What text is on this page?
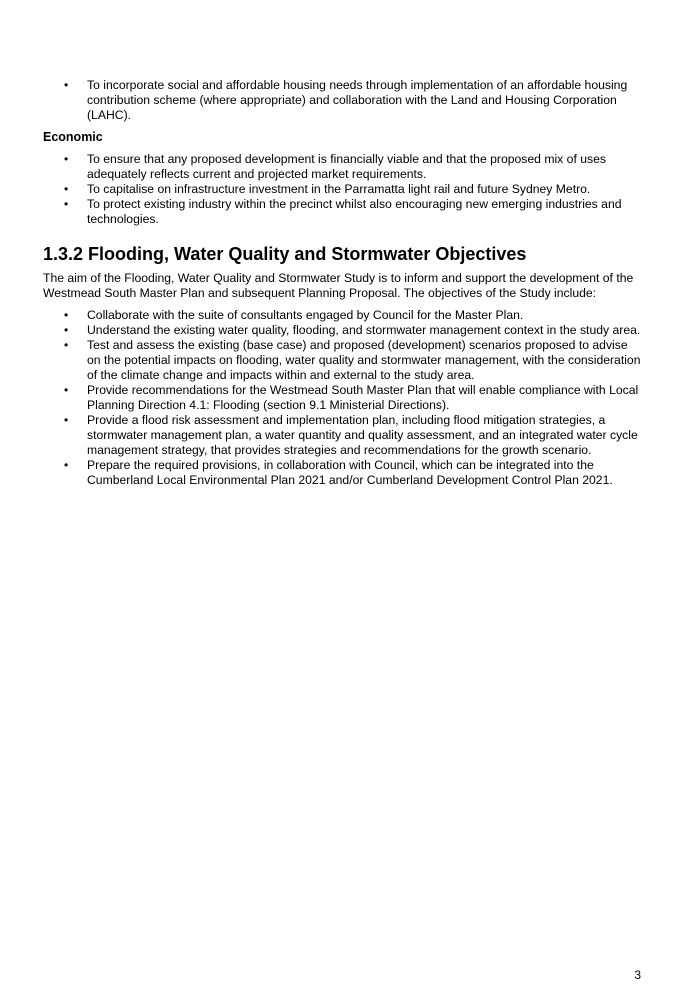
• To incorporate social and affordable housing needs through implementation of an affordable housing contribution scheme (where appropriate) and collaboration with the Land and Housing Corporation (LAHC).
Economic
• To ensure that any proposed development is financially viable and that the proposed mix of uses adequately reflects current and projected market requirements.
• To capitalise on infrastructure investment in the Parramatta light rail and future Sydney Metro.
• To protect existing industry within the precinct whilst also encouraging new emerging industries and technologies.
1.3.2 Flooding, Water Quality and Stormwater Objectives

The aim of the Flooding, Water Quality and Stormwater Study is to inform and support the development of the Westmead South Master Plan and subsequent Planning Proposal. The objectives of the Study include:

• Collaborate with the suite of consultants engaged by Council for the Master Plan.
• Understand the existing water quality, flooding, and stormwater management context in the study area.
• Test and assess the existing (base case) and proposed (development) scenarios proposed to advise on the potential impacts on flooding, water quality and stormwater management, with the consideration of the climate change and impacts within and external to the study area.
• Provide recommendations for the Westmead South Master Plan that will enable compliance with Local Planning Direction 4.1: Flooding (section 9.1 Ministerial Directions).
• Provide a flood risk assessment and implementation plan, including flood mitigation strategies, a stormwater management plan, a water quantity and quality assessment, and an integrated water cycle management strategy, that provides strategies and recommendations for the growth scenario.
• Prepare the required provisions, in collaboration with Council, which can be integrated into the Cumberland Local Environmental Plan 2021 and/or Cumberland Development Control Plan 2021.
3
